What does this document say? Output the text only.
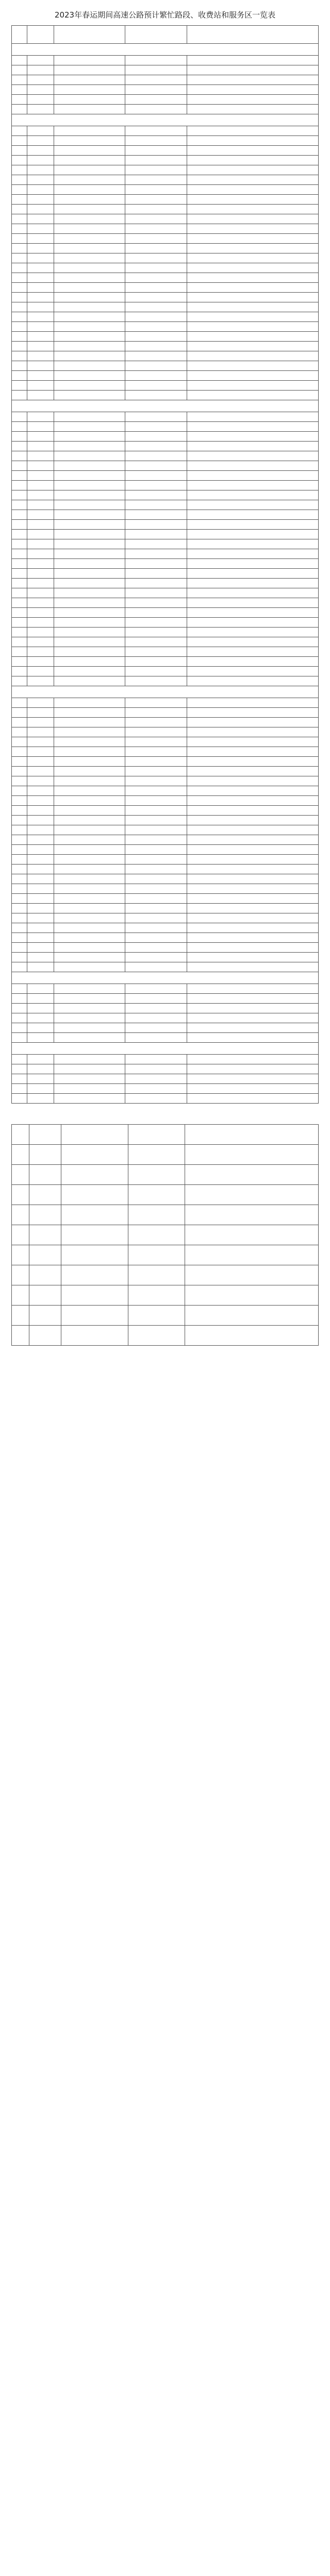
2023年春运期间高速公路预计繁忙路段、收费站和服务区一览表
